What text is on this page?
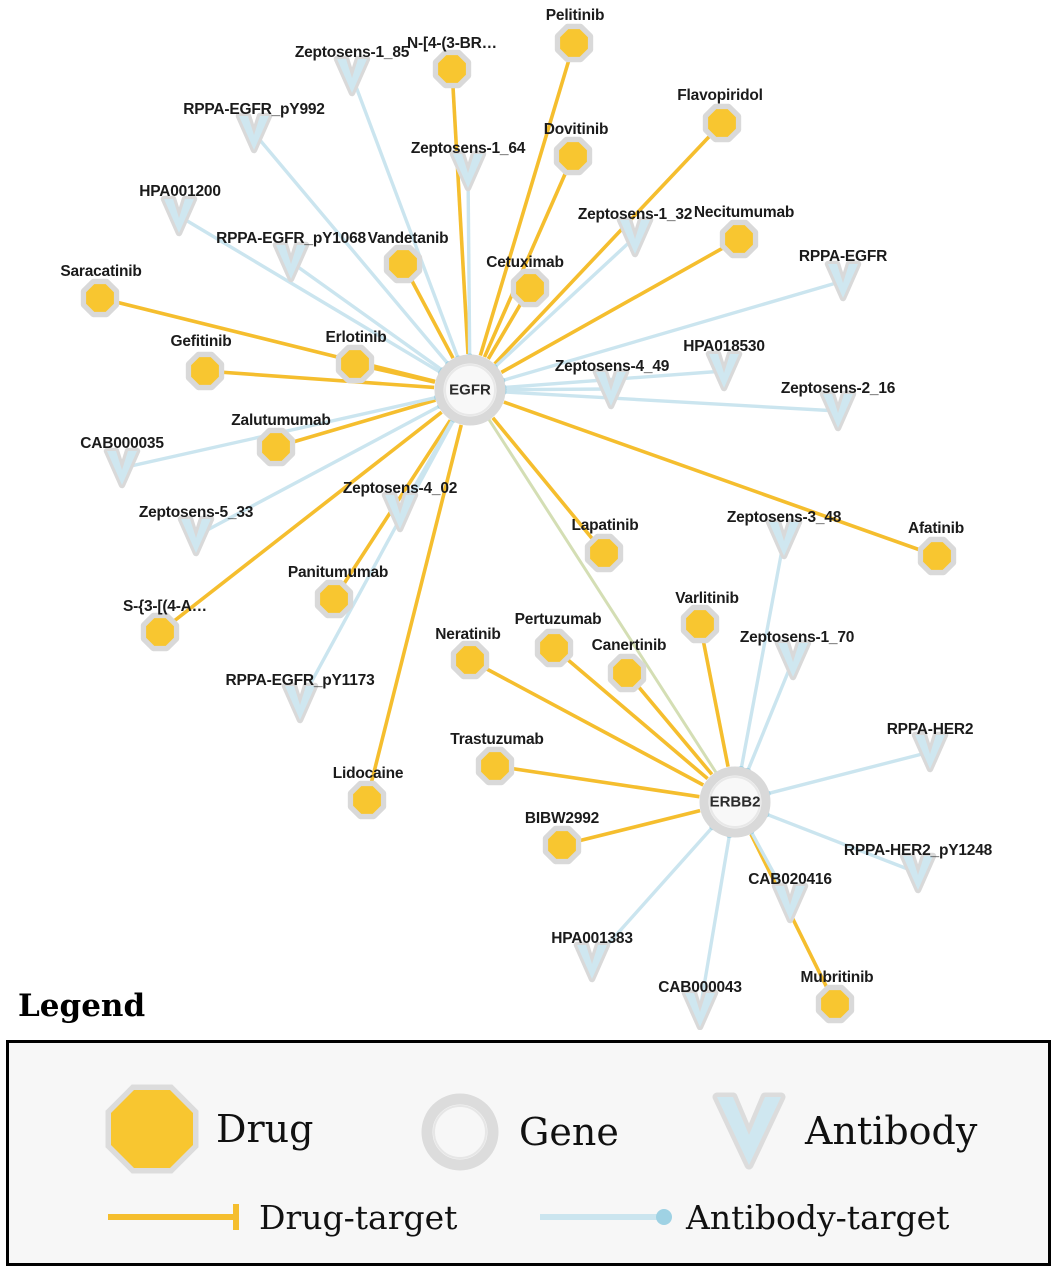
Pelitinib
N-[4-(3-BR…
Flavopiridol
Dovitinib
Necitumumab
Vandetanib
Cetuximab
Saracatinib
Erlotinib
Gefitinib
Zalutumumab
Panitumumab
S-{3-[(4-A…
Lapatinib	Afatinib
Varlitinib
Pertuzumab
Neratinib
Canertinib
Trastuzumab
Lidocaine
BIBW2992
Mubritinib
Zeptosens-1_85
RPPA-EGFR_pY992
Zeptosens-1_64
HPA001200
Zeptosens-1_32
RPPA-EGFR_pY1068
RPPA-EGFR
HPA018530
Zeptosens-4_49
Zeptosens-2_16
CAB000035
Zeptosens-4_02
Zeptosens-5_33	Zeptosens-3_48
Zeptosens-1_70
RPPA-EGFR_pY1173
RPPA-HER2
RPPA-HER2_pY1248
CAB020416
HPA001383
CAB000043
EGFR
ERBB2
Legend
Drug	Gene	Antibody
Drug-target	Antibody-target
